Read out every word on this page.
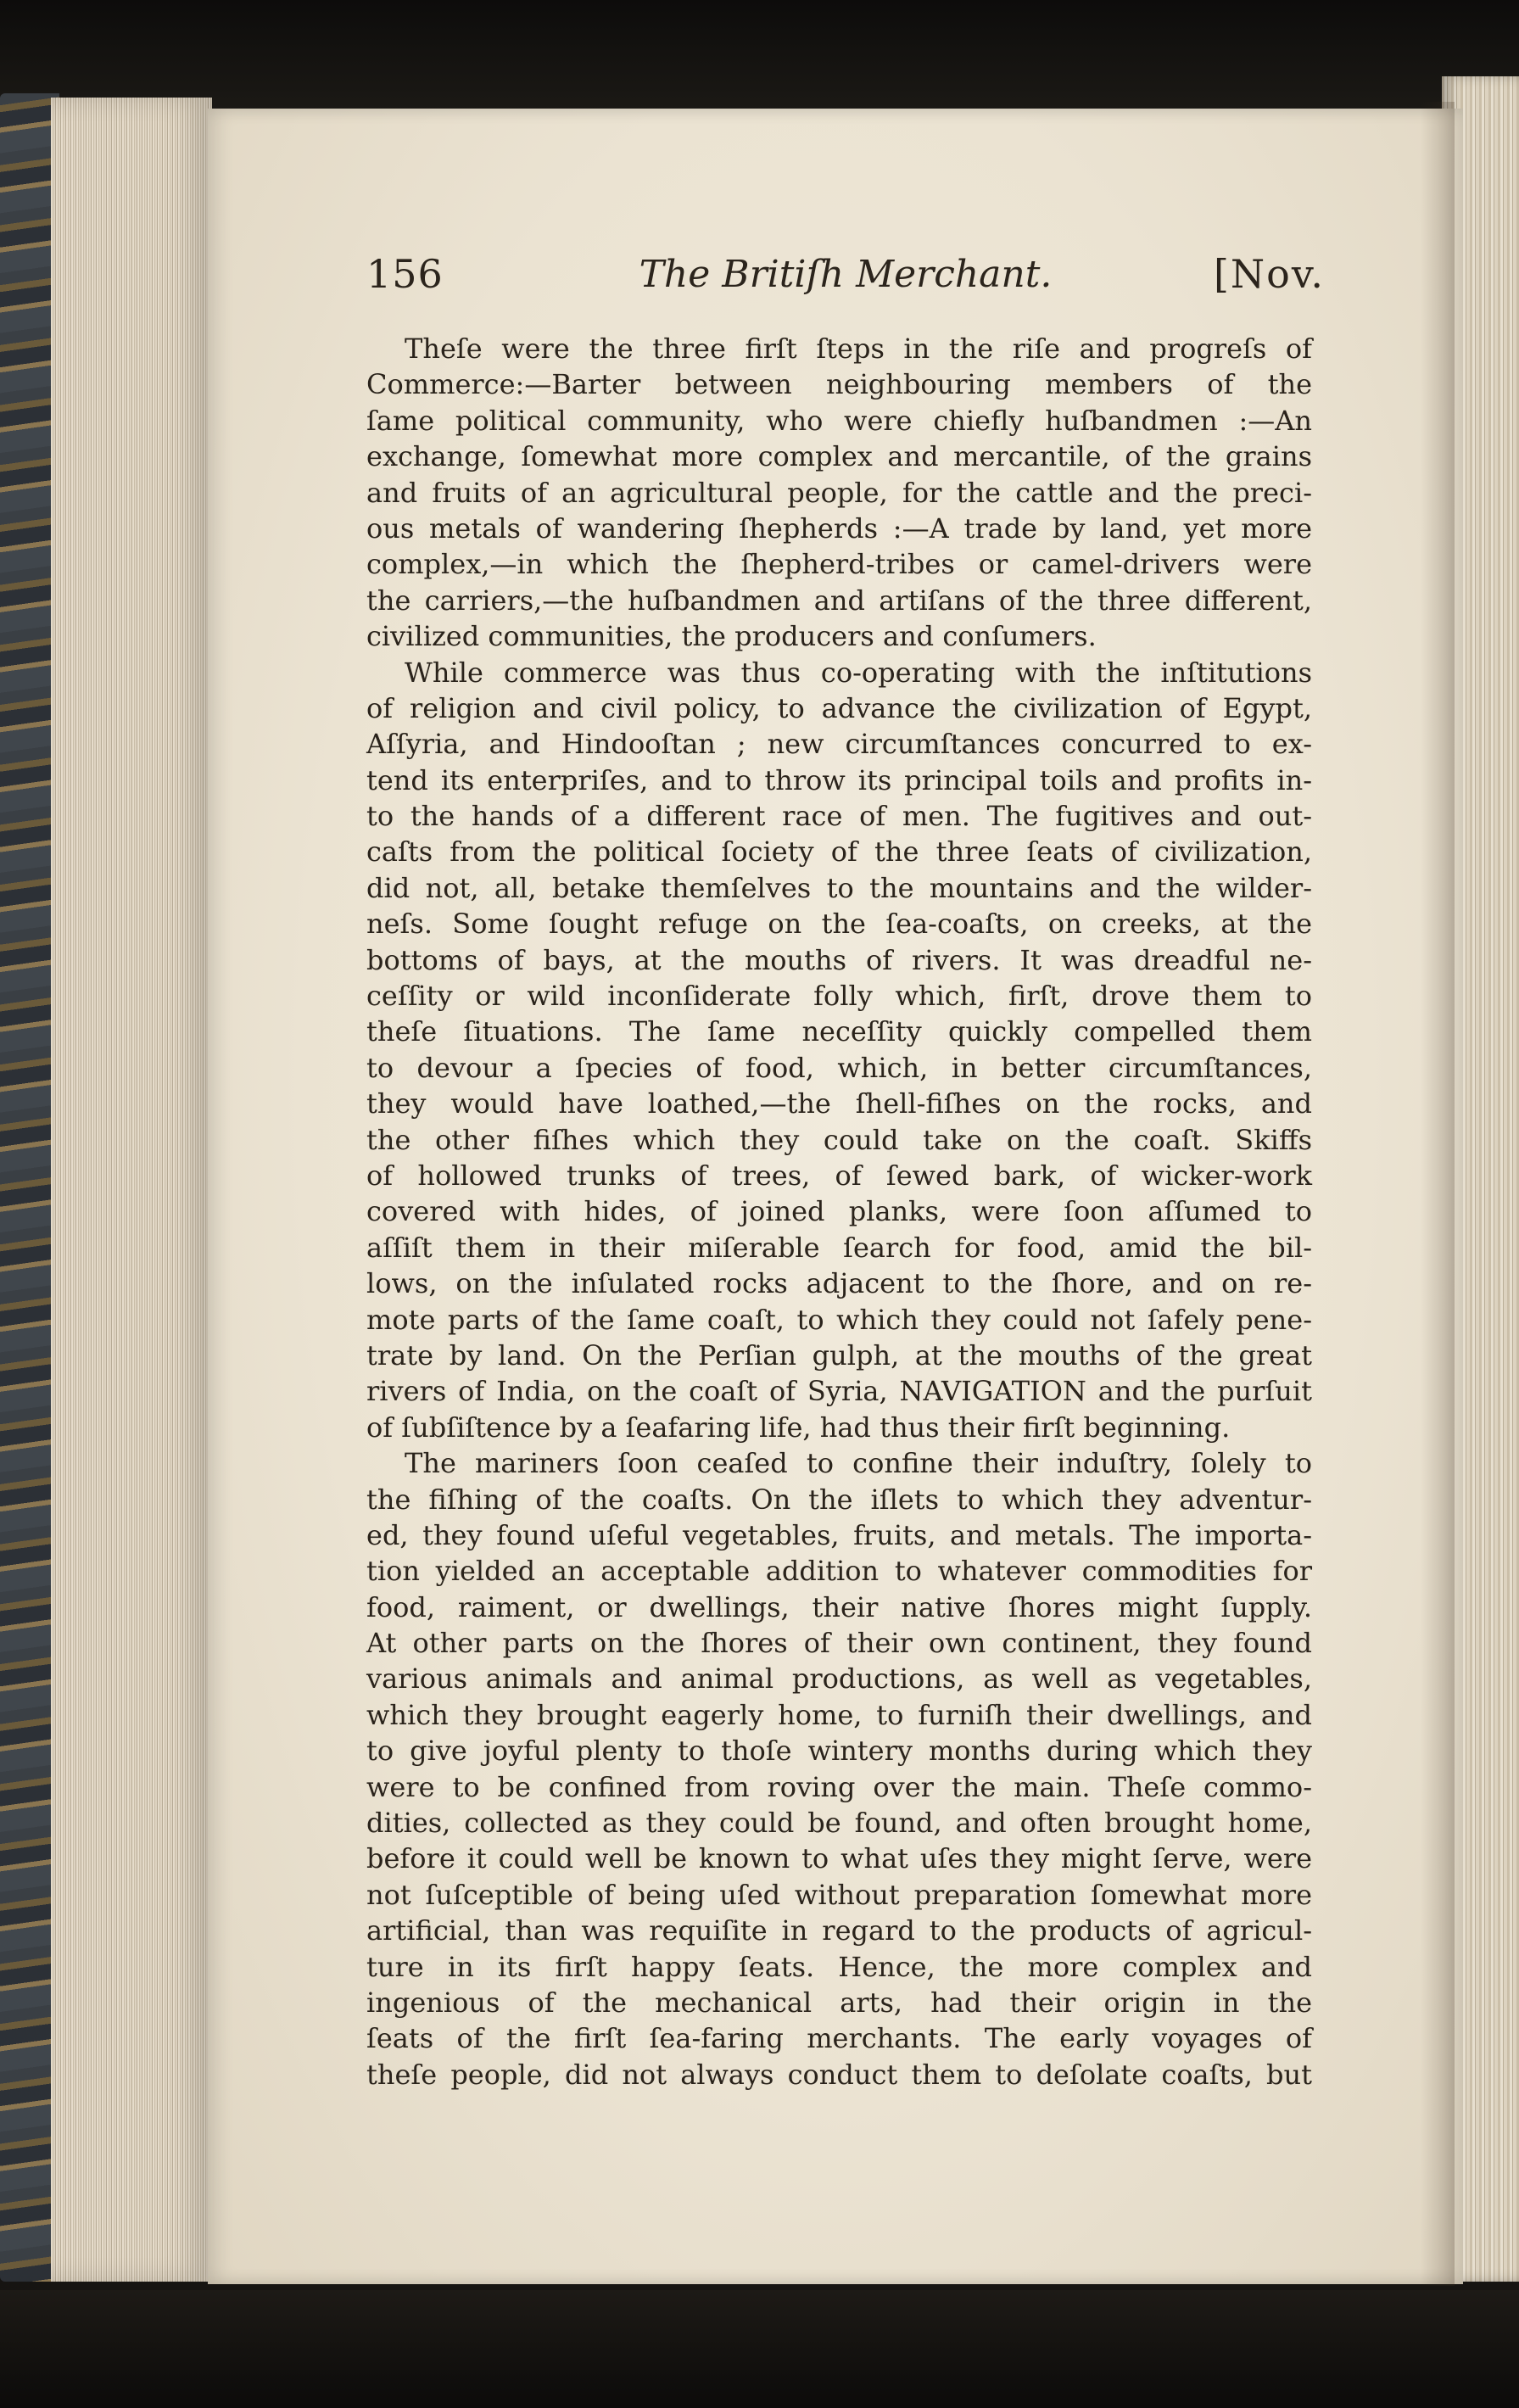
156	The Britiſh Merchant.	[Nov.
Theſe were the three firſt ſteps in the riſe and progreſs of
Commerce:—Barter between neighbouring members of the
ſame political community, who were chiefly huſbandmen :—An
exchange, ſomewhat more complex and mercantile, of the grains
and fruits of an agricultural people, for the cattle and the preci-
ous metals of wandering ſhepherds :—A trade by land, yet more
complex,—in which the ſhepherd-tribes or camel-drivers were
the carriers,—the huſbandmen and artiſans of the three different,
civilized communities, the producers and conſumers.
While commerce was thus co-operating with the inſtitutions
of religion and civil policy, to advance the civilization of Egypt,
Aſſyria, and Hindooſtan ; new circumſtances concurred to ex-
tend its enterpriſes, and to throw its principal toils and profits in-
to the hands of a different race of men. The fugitives and out-
caſts from the political ſociety of the three ſeats of civilization,
did not, all, betake themſelves to the mountains and the wilder-
neſs. Some ſought refuge on the ſea-coaſts, on creeks, at the
bottoms of bays, at the mouths of rivers. It was dreadful ne-
ceſſity or wild inconſiderate folly which, firſt, drove them to
theſe ſituations. The ſame neceſſity quickly compelled them
to devour a ſpecies of food, which, in better circumſtances,
they would have loathed,—the ſhell-fiſhes on the rocks, and
the other fiſhes which they could take on the coaſt. Skiffs
of hollowed trunks of trees, of ſewed bark, of wicker-work
covered with hides, of joined planks, were ſoon aſſumed to
aſſiſt them in their miſerable ſearch for food, amid the bil-
lows, on the inſulated rocks adjacent to the ſhore, and on re-
mote parts of the ſame coaſt, to which they could not ſafely pene-
trate by land. On the Perſian gulph, at the mouths of the great
rivers of India, on the coaſt of Syria, NAVIGATION and the purſuit
of ſubſiſtence by a ſeafaring life, had thus their firſt beginning.
The mariners ſoon ceaſed to confine their induſtry, ſolely to
the fiſhing of the coaſts. On the iſlets to which they adventur-
ed, they found uſeful vegetables, fruits, and metals. The importa-
tion yielded an acceptable addition to whatever commodities for
food, raiment, or dwellings, their native ſhores might ſupply.
At other parts on the ſhores of their own continent, they found
various animals and animal productions, as well as vegetables,
which they brought eagerly home, to furniſh their dwellings, and
to give joyful plenty to thoſe wintery months during which they
were to be confined from roving over the main. Theſe commo-
dities, collected as they could be found, and often brought home,
before it could well be known to what uſes they might ſerve, were
not ſuſceptible of being uſed without preparation ſomewhat more
artificial, than was requiſite in regard to the products of agricul-
ture in its firſt happy ſeats. Hence, the more complex and
ingenious of the mechanical arts, had their origin in the
ſeats of the firſt ſea-faring merchants. The early voyages of
theſe people, did not always conduct them to deſolate coaſts, but
